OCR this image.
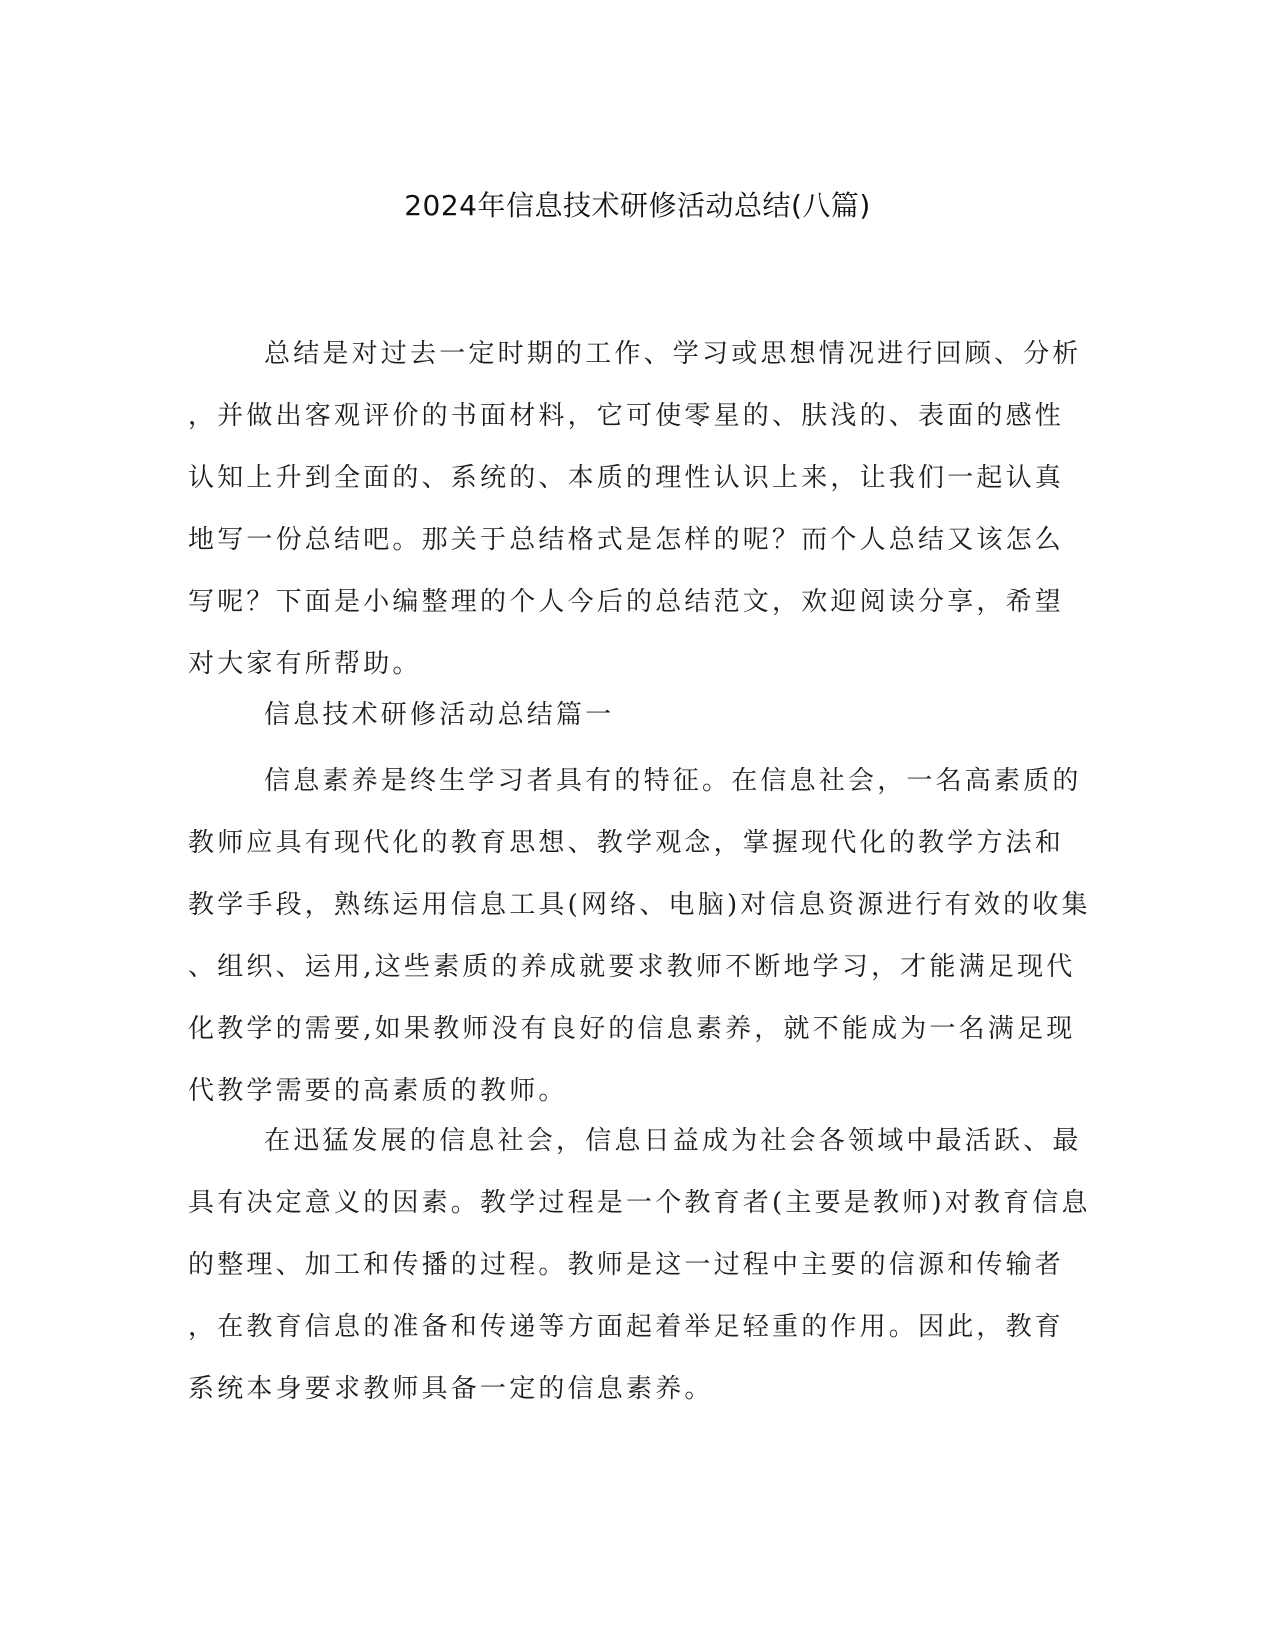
2024年信息技术研修活动总结(八篇)
总结是对过去一定时期的工作、学习或思想情况进行回顾、分析
，并做出客观评价的书面材料，它可使零星的、肤浅的、表面的感性
认知上升到全面的、系统的、本质的理性认识上来，让我们一起认真
地写一份总结吧。那关于总结格式是怎样的呢？而个人总结又该怎么
写呢？下面是小编整理的个人今后的总结范文，欢迎阅读分享，希望
对大家有所帮助。
信息技术研修活动总结篇一
信息素养是终生学习者具有的特征。在信息社会，一名高素质的
教师应具有现代化的教育思想、教学观念，掌握现代化的教学方法和
教学手段，熟练运用信息工具(网络、电脑)对信息资源进行有效的收集
、组织、运用,这些素质的养成就要求教师不断地学习，才能满足现代
化教学的需要,如果教师没有良好的信息素养，就不能成为一名满足现
代教学需要的高素质的教师。
在迅猛发展的信息社会，信息日益成为社会各领域中最活跃、最
具有决定意义的因素。教学过程是一个教育者(主要是教师)对教育信息
的整理、加工和传播的过程。教师是这一过程中主要的信源和传输者
，在教育信息的准备和传递等方面起着举足轻重的作用。因此，教育
系统本身要求教师具备一定的信息素养。
